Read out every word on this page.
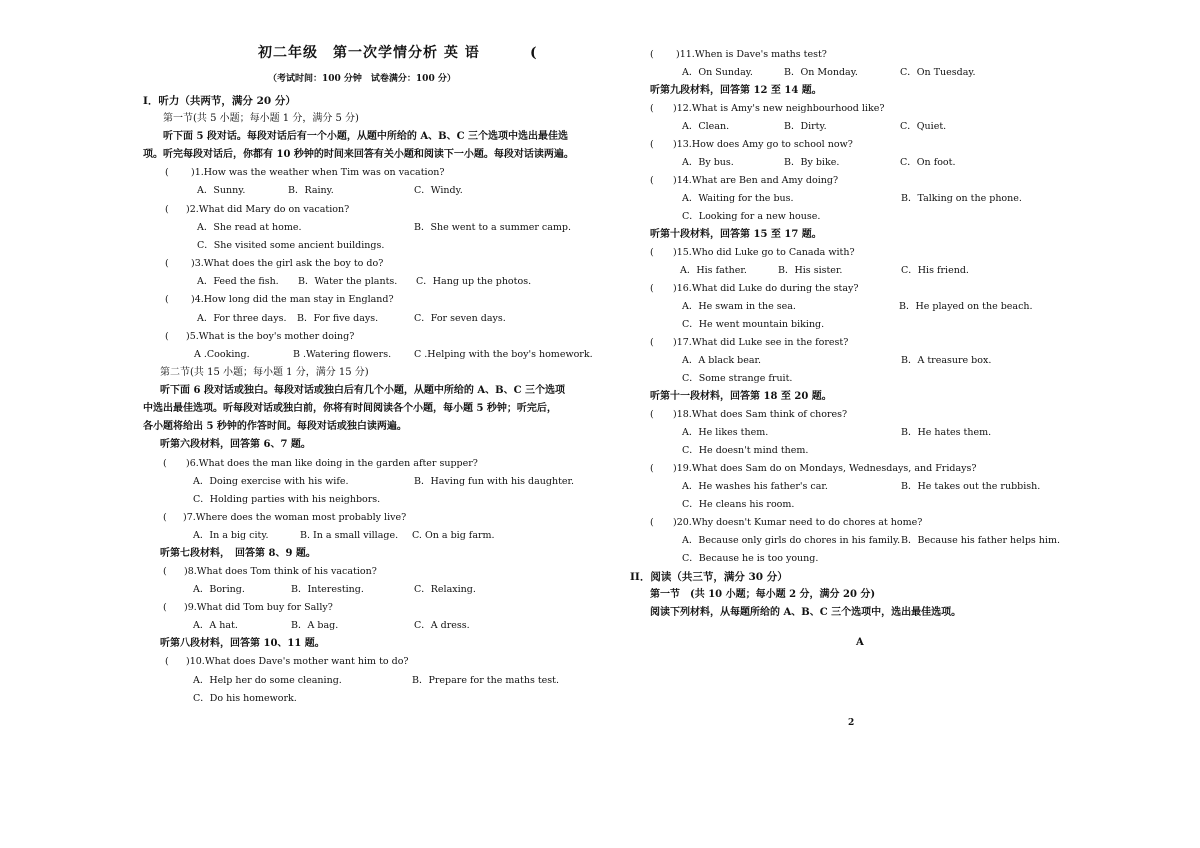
初二年级　第一次学情分析 英 语	(
（考试时间：100 分钟　试卷满分：100 分）
I．听力（共两节，满分 20 分）
第一节(共 5 小题；每小题 1 分，满分 5 分)
听下面 5 段对话。每段对话后有一个小题，从题中所给的 A、B、C 三个选项中选出最佳选
项。听完每段对话后，你都有 10 秒钟的时间来回答有关小题和阅读下一小题。每段对话读两遍。
( )1.How was the weather when Tim was on vacation?
A．Sunny.	B．Rainy.	C．Windy.
( )2.What did Mary do on vacation?
A．She read at home.	B．She went to a summer camp.
C．She visited some ancient buildings.
( )3.What does the girl ask the boy to do?
A．Feed the fish. B．Water the plants. C．Hang up the photos.
( )4.How long did the man stay in England?
A．For three days. B．For five days.	C．For seven days.
( )5.What is the boy's mother doing?
A .Cooking.	B .Watering flowers. C .Helping with the boy's homework.
第二节(共 15 小题；每小题 1 分，满分 15 分)
听下面 6 段对话或独白。每段对话或独白后有几个小题，从题中所给的 A、B、C 三个选项
中选出最佳选项。听每段对话或独白前，你将有时间阅读各个小题，每小题 5 秒钟；听完后，
各小题将给出 5 秒钟的作答时间。每段对话或独白读两遍。
听第六段材料，回答第 6、7 题。
( )6.What does the man like doing in the garden after supper?
A．Doing exercise with his wife.	B．Having fun with his daughter.
C．Holding parties with his neighbors.
( )7.Where does the woman most probably live?
A．In a big city.	B. In a small village. C. On a big farm.
听第七段材料，　回答第 8、9 题。
( )8.What does Tom think of his vacation?
A．Boring.	B．Interesting.	C．Relaxing.
( )9.What did Tom buy for Sally?
A．A hat.	B．A bag.	C．A dress.
听第八段材料，回答第 10、11 题。
( )10.What does Dave's mother want him to do?
A．Help her do some cleaning.	B．Prepare for the maths test.
C．Do his homework.
( )11.When is Dave's maths test?
A．On Sunday.	B．On Monday.	C．On Tuesday.
听第九段材料，回答第 12 至 14 题。
( )12.What is Amy's new neighbourhood like?
A．Clean.	B．Dirty.	C．Quiet.
( )13.How does Amy go to school now?
A．By bus.	B．By bike.	C．On foot.
( )14.What are Ben and Amy doing?
A．Waiting for the bus.	B．Talking on the phone.
C．Looking for a new house.
听第十段材料，回答第 15 至 17 题。
( )15.Who did Luke go to Canada with?
A．His father.	B．His sister.	C．His friend.
( )16.What did Luke do during the stay?
A．He swam in the sea.	B．He played on the beach.
C．He went mountain biking.
( )17.What did Luke see in the forest?
A．A black bear.	B．A treasure box.
C．Some strange fruit.
听第十一段材料，回答第 18 至 20 题。
( )18.What does Sam think of chores?
A．He likes them.	B．He hates them.
C．He doesn't mind them.
( )19.What does Sam do on Mondays, Wednesdays, and Fridays?
A．He washes his father's car.	B．He takes out the rubbish.
C．He cleans his room.
( )20.Why doesn't Kumar need to do chores at home?
A．Because only girls do chores in his family. B．Because his father helps him.
C．Because he is too young.
II．阅读（共三节，满分 30 分）
第一节　(共 10 小题；每小题 2 分，满分 20 分)
阅读下列材料，从每题所给的 A、B、C 三个选项中，选出最佳选项。
A
2
